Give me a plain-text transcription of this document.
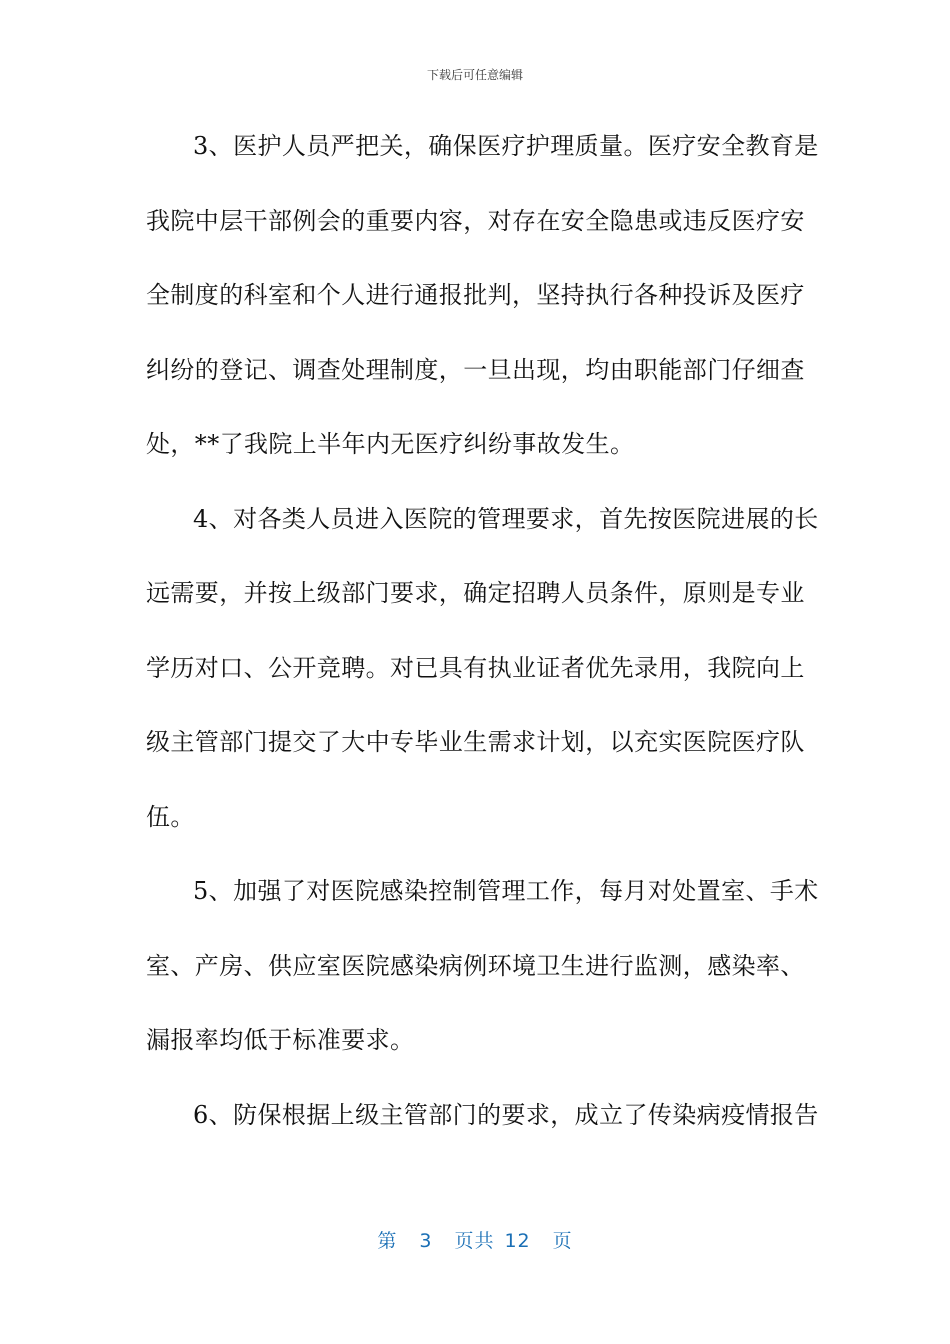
下载后可任意编辑
3、医护人员严把关，确保医疗护理质量。医疗安全教育是
我院中层干部例会的重要内容，对存在安全隐患或违反医疗安
全制度的科室和个人进行通报批判，坚持执行各种投诉及医疗
纠纷的登记、调查处理制度，一旦出现，均由职能部门仔细查
处，**了我院上半年内无医疗纠纷事故发生。
4、对各类人员进入医院的管理要求，首先按医院进展的长
远需要，并按上级部门要求，确定招聘人员条件，原则是专业
学历对口、公开竞聘。对已具有执业证者优先录用，我院向上
级主管部门提交了大中专毕业生需求计划，以充实医院医疗队
伍。
5、加强了对医院感染控制管理工作，每月对处置室、手术
室、产房、供应室医院感染病例环境卫生进行监测，感染率、
漏报率均低于标准要求。
6、防保根据上级主管部门的要求，成立了传染病疫情报告
第 3 页共 12 页
